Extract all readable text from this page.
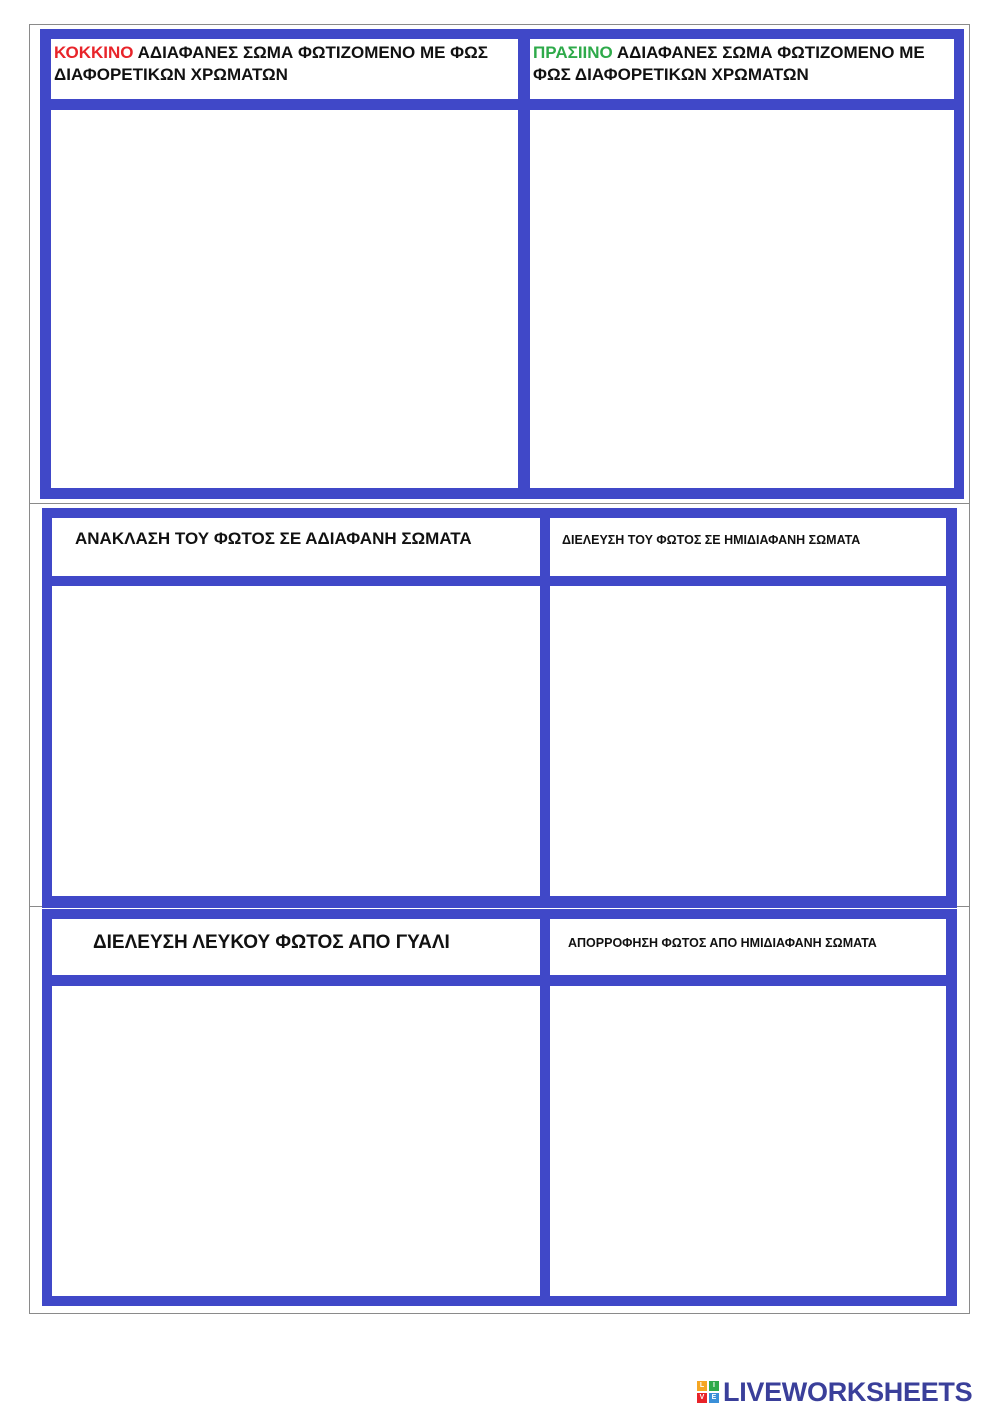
ΚΟΚΚΙΝΟ ΑΔΙΑΦΑΝΕΣ ΣΩΜΑ ΦΩΤΙΖΟΜΕΝΟ ΜΕ ΦΩΣ ΔΙΑΦΟΡΕΤΙΚΩΝ ΧΡΩΜΑΤΩΝ
ΠΡΑΣΙΙΝΟ ΑΔΙΑΦΑΝΕΣ ΣΩΜΑ ΦΩΤΙΖΟΜΕΝΟ ΜΕ ΦΩΣ ΔΙΑΦΟΡΕΤΙΚΩΝ ΧΡΩΜΑΤΩΝ
ΑΝΑΚΛΑΣΗ ΤΟΥ ΦΩΤΟΣ ΣΕ ΑΔΙΑΦΑΝΗ ΣΩΜΑΤΑ	ΔΙΕΛΕΥΣΗ ΤΟΥ ΦΩΤΟΣ ΣΕ ΗΜΙΔΙΑΦΑΝΗ ΣΩΜΑΤΑ
ΔΙΕΛΕΥΣΗ ΛΕΥΚΟΥ ΦΩΤΟΣ ΑΠΟ ΓΥΑΛΙ	ΑΠΟΡΡΟΦΗΣΗ ΦΩΤΟΣ ΑΠΟ ΗΜΙΔΙΑΦΑΝΗ ΣΩΜΑΤΑ
L	I
V	E LIVEWORKSHEETS
